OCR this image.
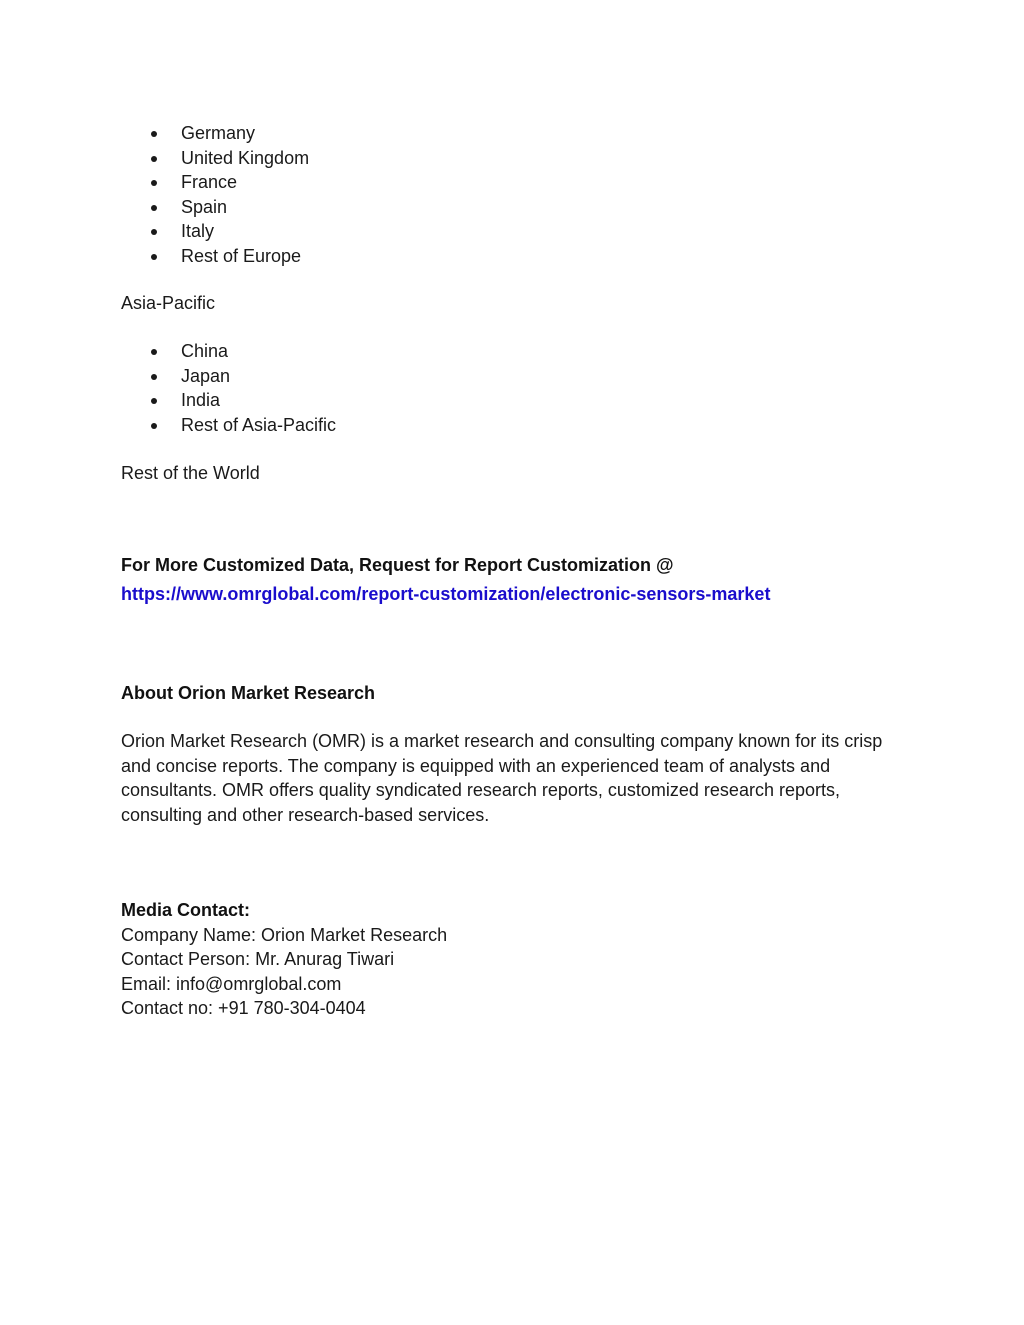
Germany
United Kingdom
France
Spain
Italy
Rest of Europe
Asia-Pacific
China
Japan
India
Rest of Asia-Pacific
Rest of the World
For More Customized Data, Request for Report Customization @
https://www.omrglobal.com/report-customization/electronic-sensors-market
About Orion Market Research
Orion Market Research (OMR) is a market research and consulting company known for its crisp and concise reports. The company is equipped with an experienced team of analysts and consultants. OMR offers quality syndicated research reports, customized research reports, consulting and other research-based services.
Media Contact:
Company Name: Orion Market Research
Contact Person: Mr. Anurag Tiwari
Email: info@omrglobal.com
Contact no: +91 780-304-0404
